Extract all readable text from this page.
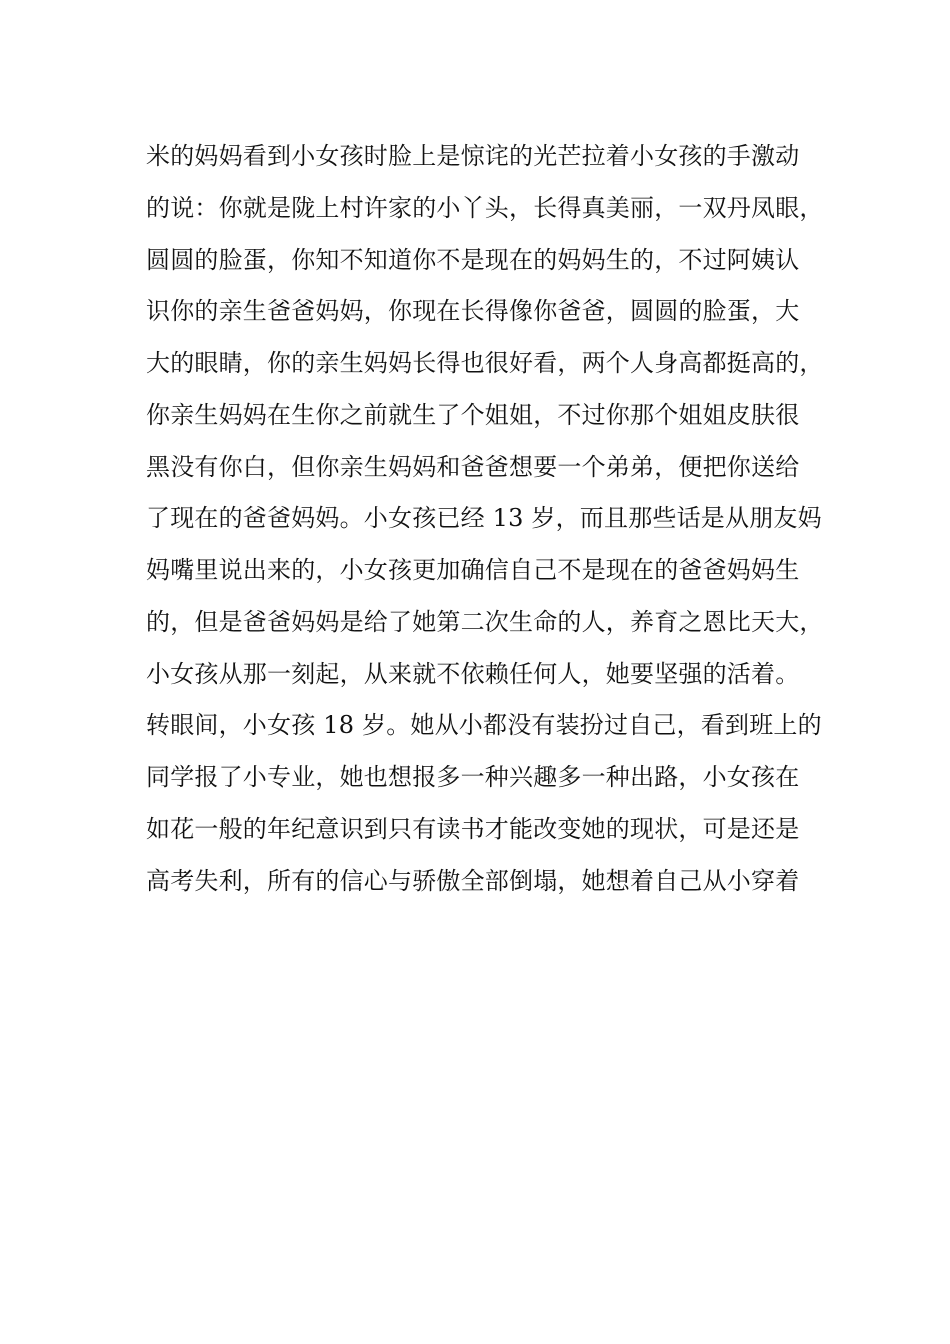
米的妈妈看到小女孩时脸上是惊诧的光芒拉着小女孩的手激动

的说：你就是陇上村许家的小丫头，长得真美丽，一双丹凤眼，

圆圆的脸蛋，你知不知道你不是现在的妈妈生的，不过阿姨认

识你的亲生爸爸妈妈，你现在长得像你爸爸，圆圆的脸蛋，大

大的眼睛，你的亲生妈妈长得也很好看，两个人身高都挺高的，

你亲生妈妈在生你之前就生了个姐姐，不过你那个姐姐皮肤很

黑没有你白，但你亲生妈妈和爸爸想要一个弟弟，便把你送给

了现在的爸爸妈妈。小女孩已经 13 岁，而且那些话是从朋友妈

妈嘴里说出来的，小女孩更加确信自己不是现在的爸爸妈妈生

的，但是爸爸妈妈是给了她第二次生命的人，养育之恩比天大，

小女孩从那一刻起，从来就不依赖任何人，她要坚强的活着。

转眼间，小女孩 18 岁。她从小都没有装扮过自己，看到班上的

同学报了小专业，她也想报多一种兴趣多一种出路，小女孩在

如花一般的年纪意识到只有读书才能改变她的现状，可是还是

高考失利，所有的信心与骄傲全部倒塌，她想着自己从小穿着
